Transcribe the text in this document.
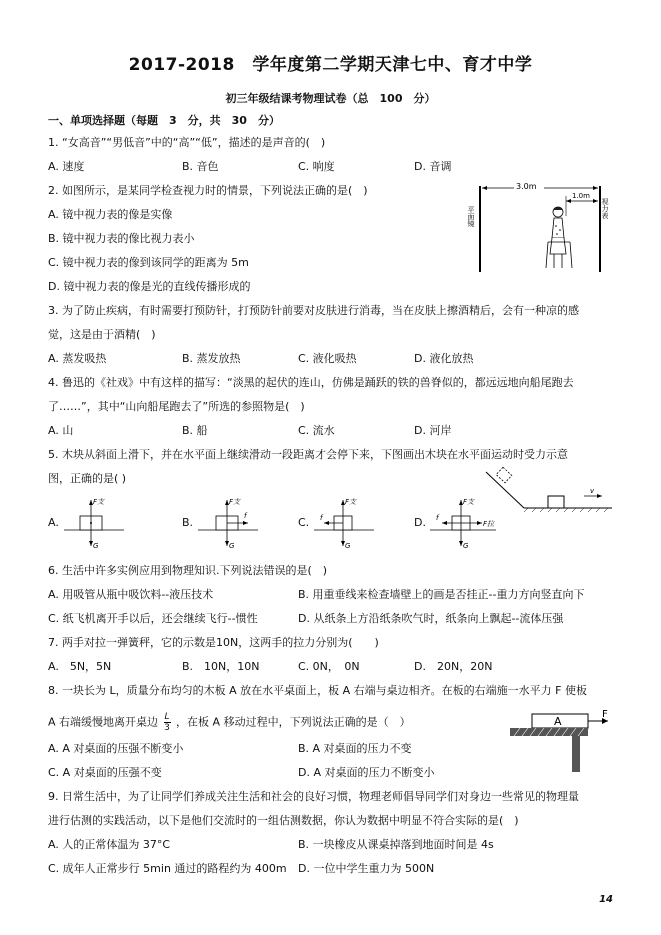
2017-2018　学年度第二学期天津七中、育才中学
初三年级结课考物理试卷（总　100　分）
一、单项选择题（每题　3　分，共　30　分）
1. “女高音”“男低音”中的“高”“低”，描述的是声音的(　)
A. 速度	B. 音色	C. 响度	D. 音调
2. 如图所示，是某同学检查视力时的情景，下列说法正确的是(　)
A. 镜中视力表的像是实像
B. 镜中视力表的像比视力表小
C. 镜中视力表的像到该同学的距离为 5m
D. 镜中视力表的像是光的直线传播形成的
平面镜	视力表
3.0m
1.0m
3. 为了防止疾病，有时需要打预防针，打预防针前要对皮肤进行消毒，当在皮肤上擦酒精后，会有一种凉的感
觉，这是由于酒精(　)
A. 蒸发吸热	B. 蒸发放热	C. 液化吸热	D. 液化放热
4. 鲁迅的《社戏》中有这样的描写：“淡黑的起伏的连山，仿佛是踊跃的铁的兽脊似的，都远远地向船尾跑去
了……”，其中“山向船尾跑去了”所选的参照物是(　)
A. 山	B. 船	C. 流水	D. 河岸
5. 木块从斜面上滑下，并在水平面上继续滑动一段距离才会停下来，下图画出木块在水平面运动时受力示意
图，正确的是( )
v
A.	B.	C.	D.
F支
G
F支
f
G
F支
f
G
F支
f
F拉
G
6. 生活中许多实例应用到物理知识.下列说法错误的是(　)
A. 用吸管从瓶中吸饮料--液压技术	B. 用重垂线来检查墙壁上的画是否挂正--重力方向竖直向下
C. 纸飞机离开手以后，还会继续飞行--惯性	D. 从纸条上方沿纸条吹气时，纸条向上飘起--流体压强
7. 两手对拉一弹簧秤，它的示数是10N，这两手的拉力分别为(　　)
A.　5N，5N	B.　10N，10N	C. 0N，　0N	D.　20N，20N
8. 一块长为 L，质量分布均匀的木板 A 放在水平桌面上，板 A 右端与桌边相齐。在板的右端施一水平力 F 使板
A 右端缓慢地离开桌边 $\frac{L}{3}$ ，在板 A 移动过程中，下列说法正确的是（　）
A. A 对桌面的压强不断变小	B. A 对桌面的压力不变
C. A 对桌面的压强不变	D. A 对桌面的压力不断变小
A
F
9. 日常生活中，为了让同学们养成关注生活和社会的良好习惯，物理老师倡导同学们对身边一些常见的物理量
进行估测的实践活动，以下是他们交流时的一组估测数据，你认为数据中明显不符合实际的是(　)
A. 人的正常体温为 37°C	B. 一块橡皮从课桌掉落到地面时间是 4s
C. 成年人正常步行 5min 通过的路程约为 400m D. 一位中学生重力为 500N
14
